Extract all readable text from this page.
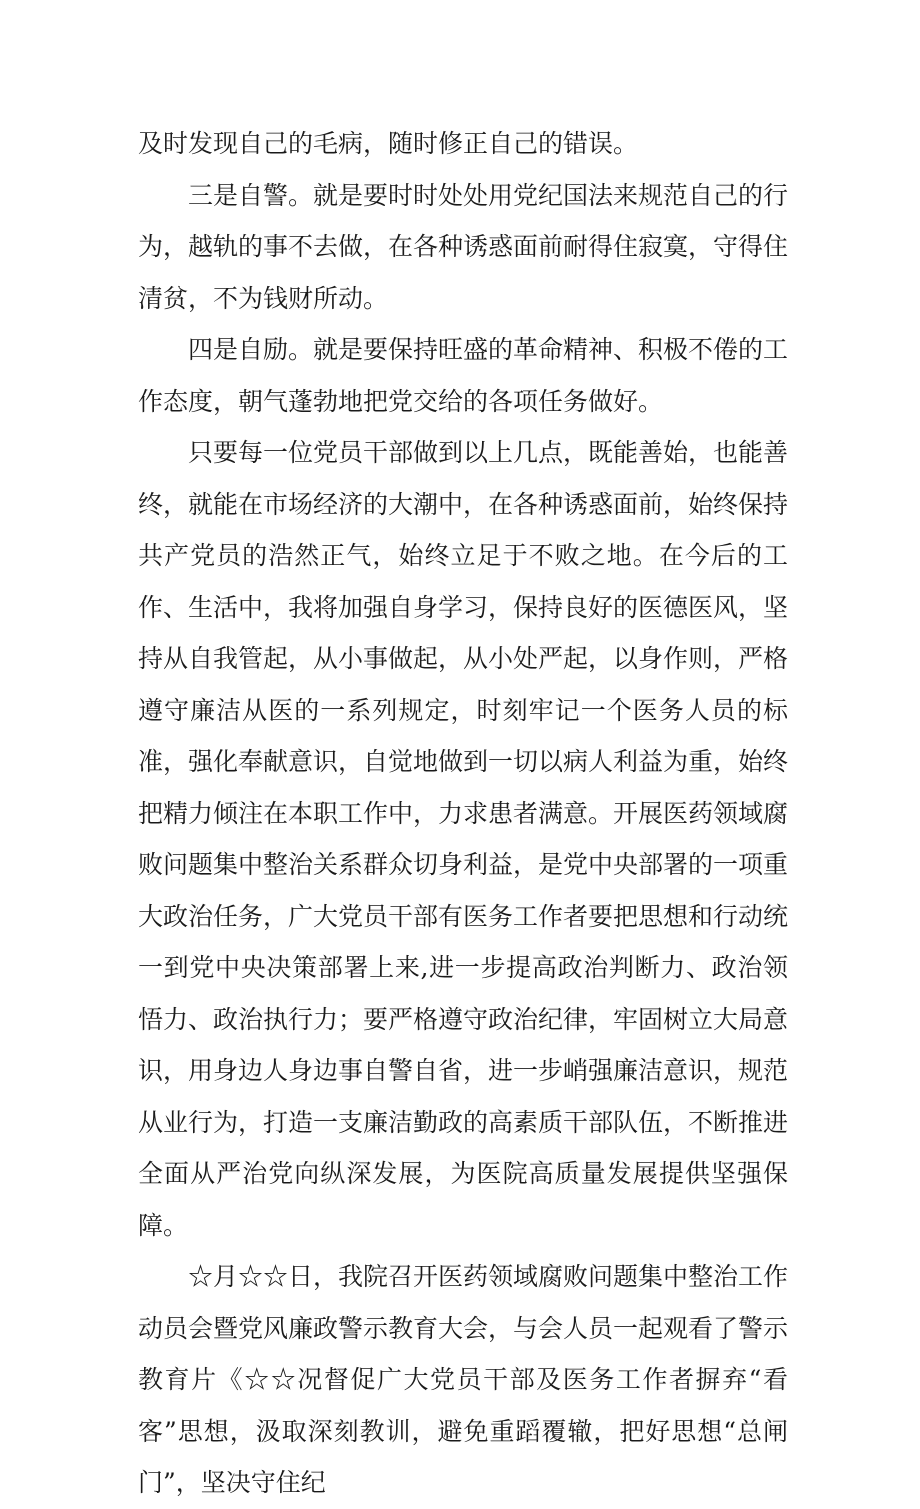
及时发现自己的毛病，随时修正自己的错误。

三是自警。就是要时时处处用党纪国法来规范自己的行为，越轨的事不去做，在各种诱惑面前耐得住寂寞，守得住清贫，不为钱财所动。

四是自励。就是要保持旺盛的革命精神、积极不倦的工作态度，朝气蓬勃地把党交给的各项任务做好。

只要每一位党员干部做到以上几点，既能善始，也能善终，就能在市场经济的大潮中，在各种诱惑面前，始终保持共产党员的浩然正气，始终立足于不败之地。在今后的工作、生活中，我将加强自身学习，保持良好的医德医风，坚持从自我管起，从小事做起，从小处严起，以身作则，严格遵守廉洁从医的一系列规定，时刻牢记一个医务人员的标准，强化奉献意识，自觉地做到一切以病人利益为重，始终把精力倾注在本职工作中，力求患者满意。开展医药领域腐败问题集中整治关系群众切身利益，是党中央部署的一项重大政治任务，广大党员干部有医务工作者要把思想和行动统一到党中央决策部署上来,进一步提高政治判断力、政治领悟力、政治执行力；要严格遵守政治纪律，牢固树立大局意识，用身边人身边事自警自省，进一步峭强廉洁意识，规范从业行为，打造一支廉洁勤政的高素质干部队伍，不断推进全面从严治党向纵深发展，为医院高质量发展提供坚强保障。

☆月☆☆日，我院召开医药领域腐败问题集中整治工作动员会暨党风廉政警示教育大会，与会人员一起观看了警示教育片《☆☆况督促广大党员干部及医务工作者摒弃“看客”思想，汲取深刻教训，避免重蹈覆辙，把好思想“总闸门”，坚决守住纪
